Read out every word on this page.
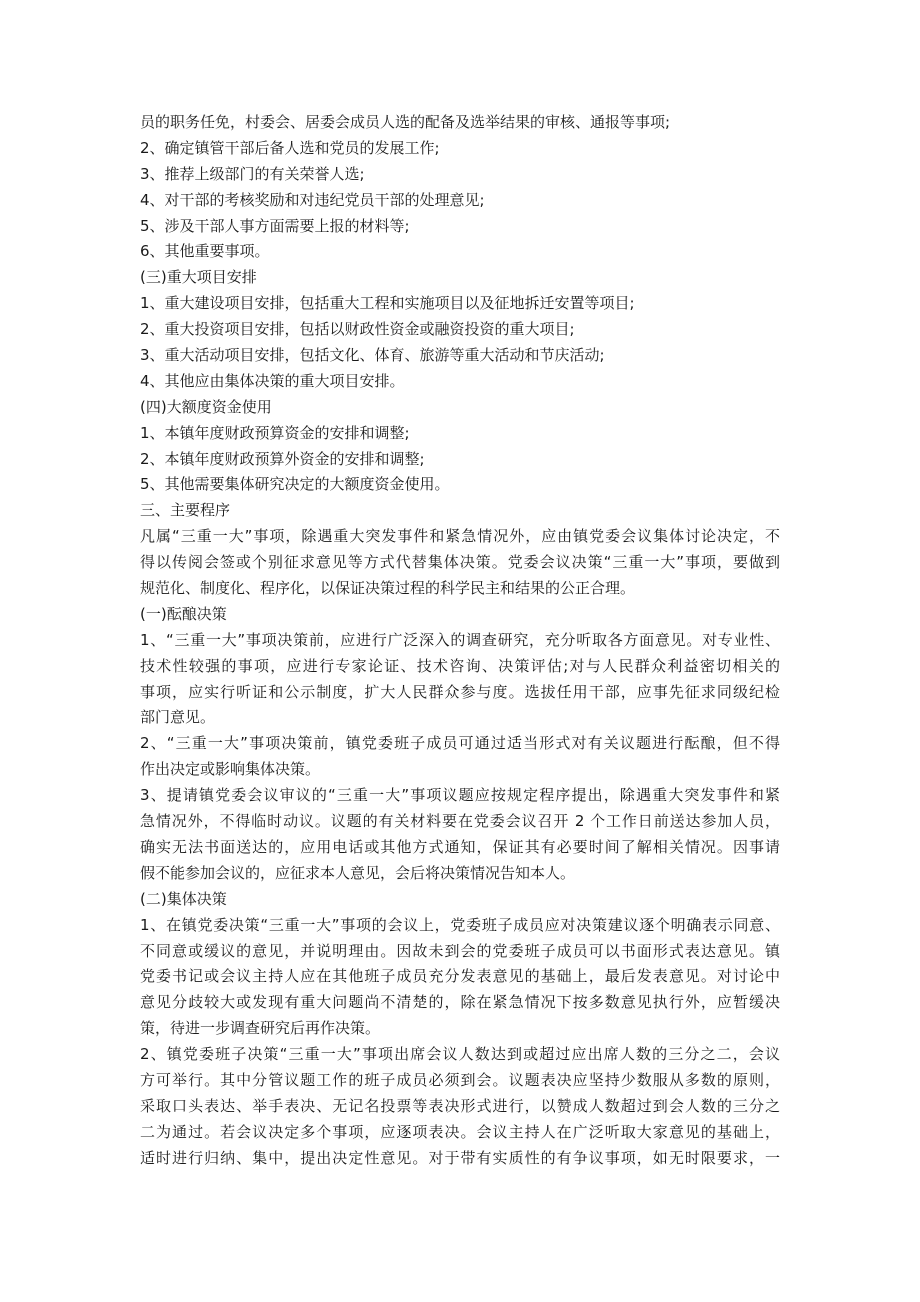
员的职务任免，村委会、居委会成员人选的配备及选举结果的审核、通报等事项;
2、确定镇管干部后备人选和党员的发展工作;
3、推荐上级部门的有关荣誉人选;
4、对干部的考核奖励和对违纪党员干部的处理意见;
5、涉及干部人事方面需要上报的材料等;
6、其他重要事项。
(三)重大项目安排
1、重大建设项目安排，包括重大工程和实施项目以及征地拆迁安置等项目;
2、重大投资项目安排，包括以财政性资金或融资投资的重大项目;
3、重大活动项目安排，包括文化、体育、旅游等重大活动和节庆活动;
4、其他应由集体决策的重大项目安排。
(四)大额度资金使用
1、本镇年度财政预算资金的安排和调整;
2、本镇年度财政预算外资金的安排和调整;
5、其他需要集体研究决定的大额度资金使用。
三、主要程序
凡属“三重一大”事项，除遇重大突发事件和紧急情况外，应由镇党委会议集体讨论决定，不
得以传阅会签或个别征求意见等方式代替集体决策。党委会议决策“三重一大”事项，要做到
规范化、制度化、程序化，以保证决策过程的科学民主和结果的公正合理。
(一)酝酿决策
1、“三重一大”事项决策前，应进行广泛深入的调查研究，充分听取各方面意见。对专业性、
技术性较强的事项，应进行专家论证、技术咨询、决策评估;对与人民群众利益密切相关的
事项，应实行听证和公示制度，扩大人民群众参与度。选拔任用干部，应事先征求同级纪检
部门意见。
2、“三重一大”事项决策前，镇党委班子成员可通过适当形式对有关议题进行酝酿，但不得
作出决定或影响集体决策。
3、提请镇党委会议审议的“三重一大”事项议题应按规定程序提出，除遇重大突发事件和紧
急情况外，不得临时动议。议题的有关材料要在党委会议召开 2 个工作日前送达参加人员，
确实无法书面送达的，应用电话或其他方式通知，保证其有必要时间了解相关情况。因事请
假不能参加会议的，应征求本人意见，会后将决策情况告知本人。
(二)集体决策
1、在镇党委决策“三重一大”事项的会议上，党委班子成员应对决策建议逐个明确表示同意、
不同意或缓议的意见，并说明理由。因故未到会的党委班子成员可以书面形式表达意见。镇
党委书记或会议主持人应在其他班子成员充分发表意见的基础上，最后发表意见。对讨论中
意见分歧较大或发现有重大问题尚不清楚的，除在紧急情况下按多数意见执行外，应暂缓决
策，待进一步调查研究后再作决策。
2、镇党委班子决策“三重一大”事项出席会议人数达到或超过应出席人数的三分之二，会议
方可举行。其中分管议题工作的班子成员必须到会。议题表决应坚持少数服从多数的原则，
采取口头表达、举手表决、无记名投票等表决形式进行，以赞成人数超过到会人数的三分之
二为通过。若会议决定多个事项，应逐项表决。会议主持人在广泛听取大家意见的基础上，
适时进行归纳、集中，提出决定性意见。对于带有实质性的有争议事项，如无时限要求，一
